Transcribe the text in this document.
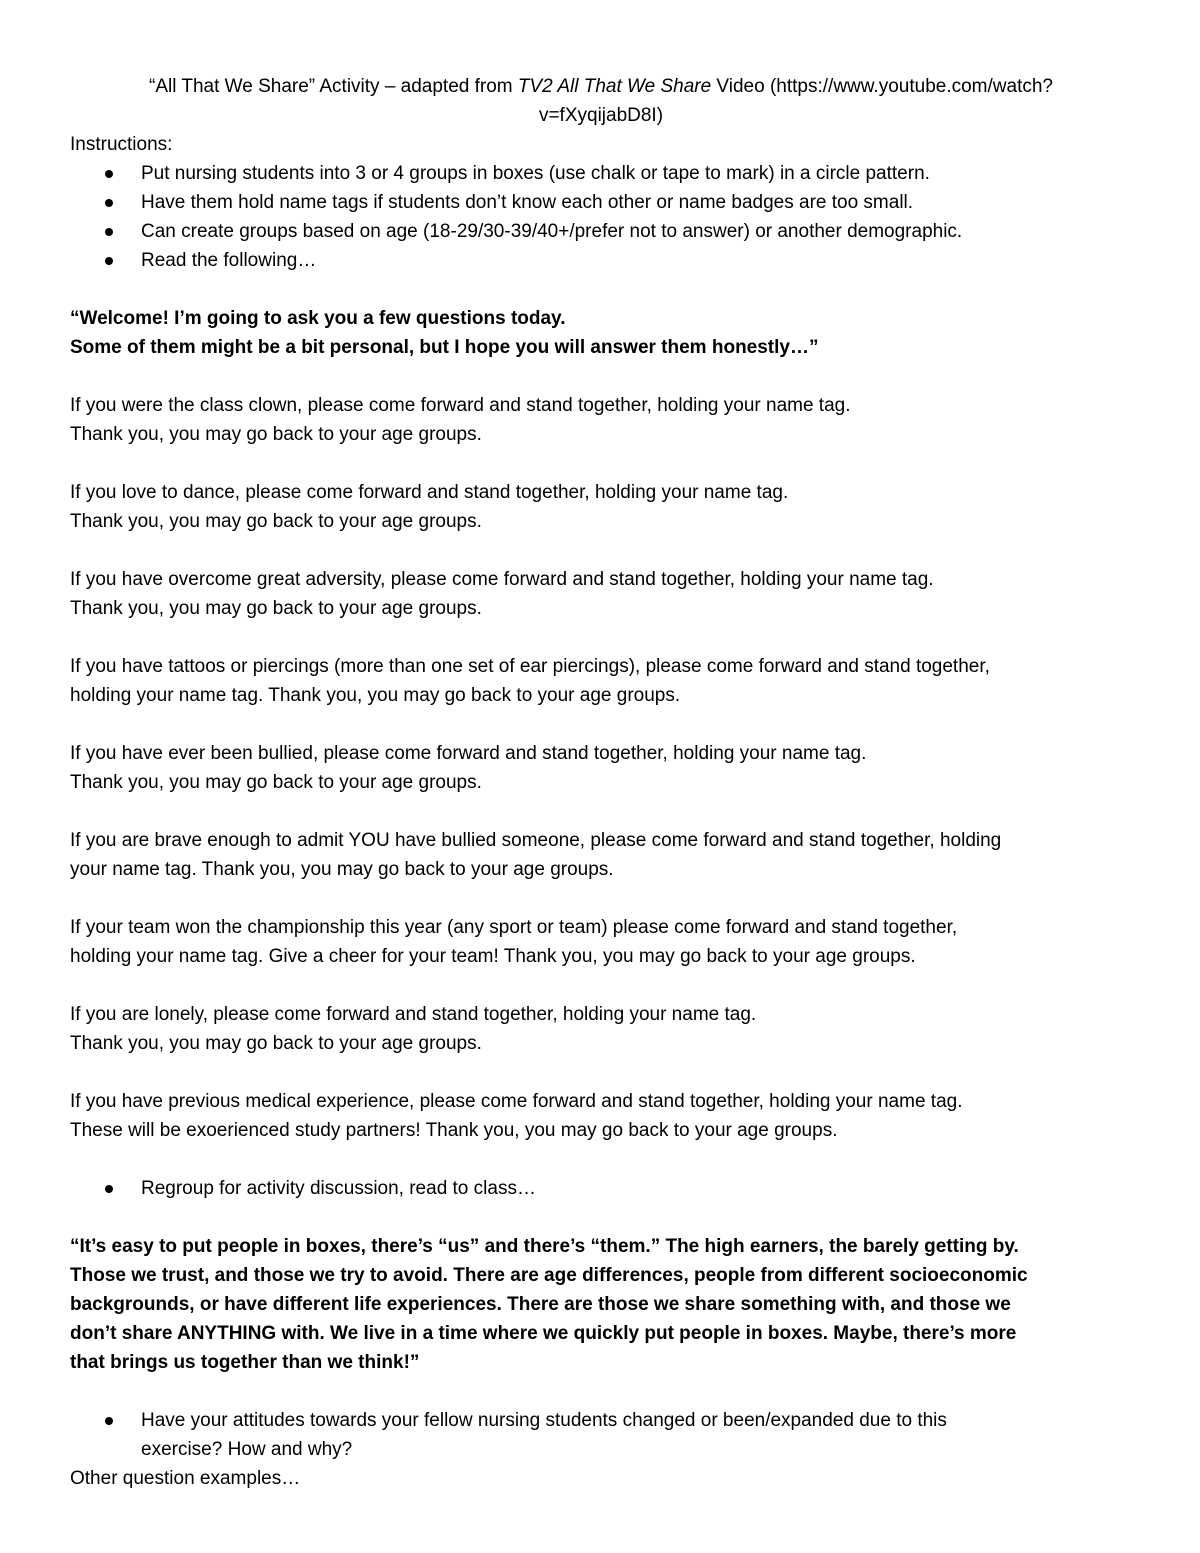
“All That We Share” Activity – adapted from TV2 All That We Share Video (https://www.youtube.com/watch?
v=fXyqijabD8I)
Instructions:
Put nursing students into 3 or 4 groups in boxes (use chalk or tape to mark) in a circle pattern.
Have them hold name tags if students don’t know each other or name badges are too small.
Can create groups based on age (18-29/30-39/40+/prefer not to answer) or another demographic.
Read the following…

“Welcome! I’m going to ask you a few questions today.

Some of them might be a bit personal, but I hope you will answer them honestly…”

If you were the class clown, please come forward and stand together, holding your name tag.

Thank you, you may go back to your age groups.

If you love to dance, please come forward and stand together, holding your name tag.

Thank you, you may go back to your age groups.

If you have overcome great adversity, please come forward and stand together, holding your name tag.

Thank you, you may go back to your age groups.

If you have tattoos or piercings (more than one set of ear piercings), please come forward and stand together,

holding your name tag. Thank you, you may go back to your age groups.

If you have ever been bullied, please come forward and stand together, holding your name tag.

Thank you, you may go back to your age groups.

If you are brave enough to admit YOU have bullied someone, please come forward and stand together, holding

your name tag. Thank you, you may go back to your age groups.

If your team won the championship this year (any sport or team) please come forward and stand together,

holding your name tag. Give a cheer for your team! Thank you, you may go back to your age groups.

If you are lonely, please come forward and stand together, holding your name tag.

Thank you, you may go back to your age groups.

If you have previous medical experience, please come forward and stand together, holding your name tag.

These will be exoerienced study partners! Thank you, you may go back to your age groups.

Regroup for activity discussion, read to class…

“It’s easy to put people in boxes, there’s “us” and there’s “them.” The high earners, the barely getting by.

Those we trust, and those we try to avoid. There are age differences, people from different socioeconomic

backgrounds, or have different life experiences. There are those we share something with, and those we

don’t share ANYTHING with. We live in a time where we quickly put people in boxes. Maybe, there’s more

that brings us together than we think!”

Have your attitudes towards your fellow nursing students changed or been/expanded due to this
exercise? How and why?
Other question examples…
